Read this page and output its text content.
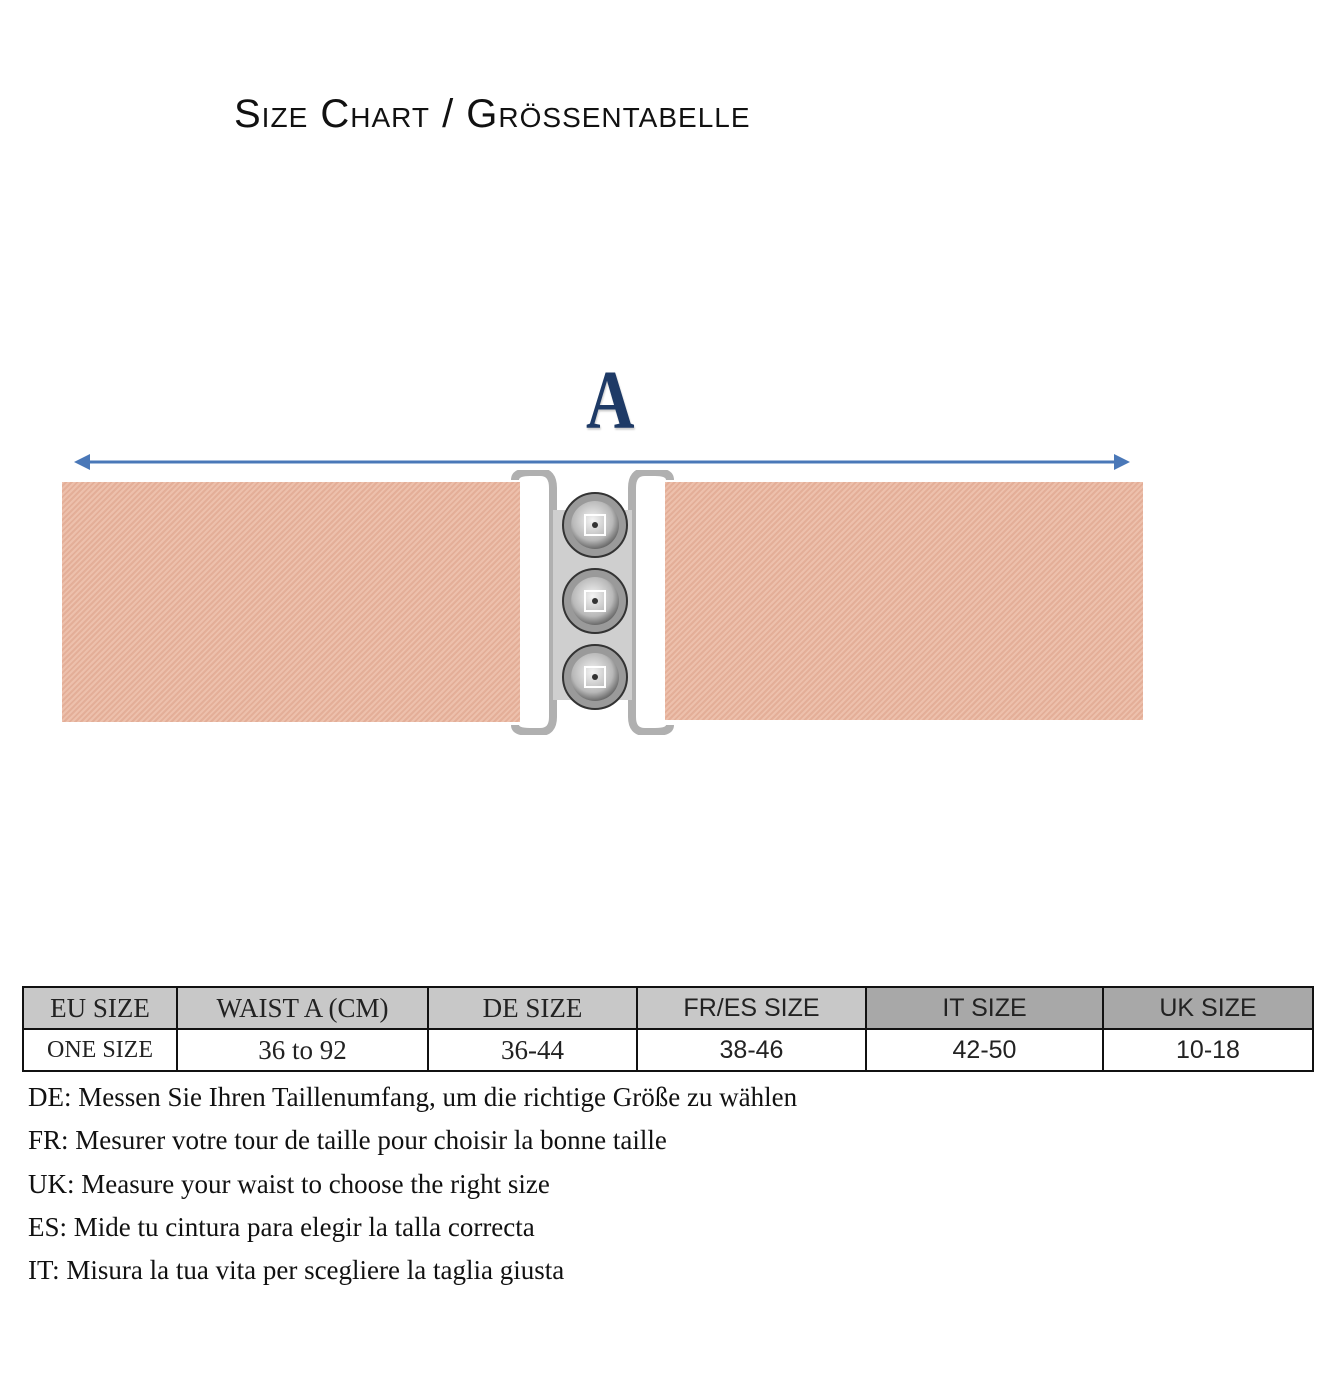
Size Chart / Grössentabelle
A
EU SIZE	WAIST A (CM)	DE SIZE	FR/ES SIZE	IT SIZE	UK SIZE
ONE SIZE	36 to 92	36-44	38-46	42-50	10-18
DE: Messen Sie Ihren Taillenumfang, um die richtige Größe zu wählen
FR: Mesurer votre tour de taille pour choisir la bonne taille
UK: Measure your waist to choose the right size
ES: Mide tu cintura para elegir la talla correcta
IT: Misura la tua vita per scegliere la taglia giusta
